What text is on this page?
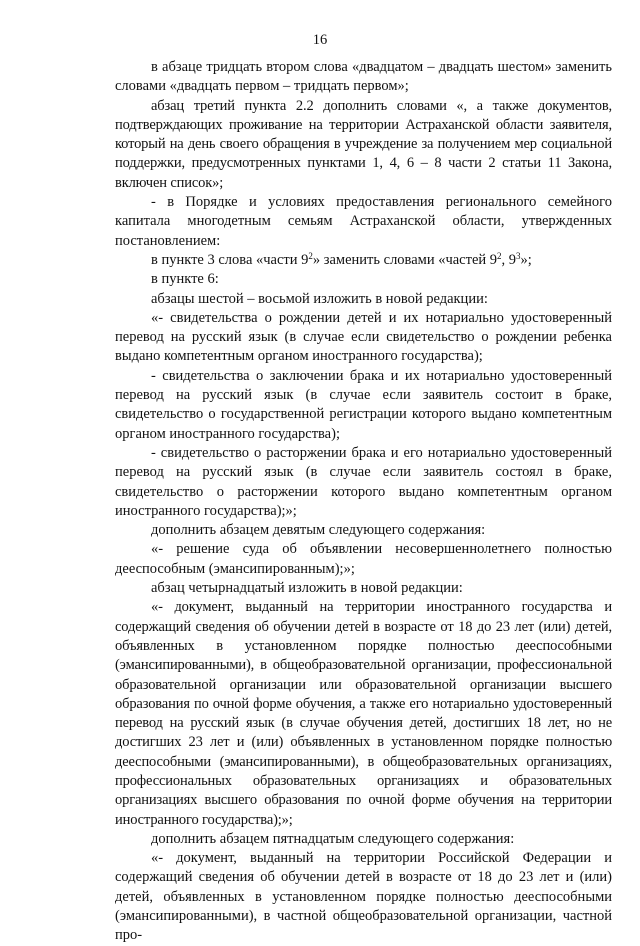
16

в абзаце тридцать втором слова «двадцатом – двадцать шестом» заменить словами «двадцать первом – тридцать первом»;

абзац третий пункта 2.2 дополнить словами «, а также документов, подтверждающих проживание на территории Астраханской области заявителя, который на день своего обращения в учреждение за получением мер социальной поддержки, предусмотренных пунктами 1, 4, 6 – 8 части 2 статьи 11 Закона, включен список»;

- в Порядке и условиях предоставления регионального семейного капитала многодетным семьям Астраханской области, утвержденных постановлением:

в пункте 3 слова «части $9^2$» заменить словами «частей $9^2$, $9^3$»;

в пункте 6:

абзацы шестой – восьмой изложить в новой редакции:

«- свидетельства о рождении детей и их нотариально удостоверенный перевод на русский язык (в случае если свидетельство о рождении ребенка выдано компетентным органом иностранного государства);

- свидетельства о заключении брака и их нотариально удостоверенный перевод на русский язык (в случае если заявитель состоит в браке, свидетельство о государственной регистрации которого выдано компетентным органом иностранного государства);

- свидетельство о расторжении брака и его нотариально удостоверенный перевод на русский язык (в случае если заявитель состоял в браке, свидетельство о расторжении которого выдано компетентным органом иностранного государства);»;

дополнить абзацем девятым следующего содержания:

«- решение суда об объявлении несовершеннолетнего полностью дееспособным (эмансипированным);»;

абзац четырнадцатый изложить в новой редакции:

«- документ, выданный на территории иностранного государства и содержащий сведения об обучении детей в возрасте от 18 до 23 лет (или) детей, объявленных в установленном порядке полностью дееспособными (эмансипированными), в общеобразовательной организации, профессиональной образовательной организации или образовательной организации высшего образования по очной форме обучения, а также его нотариально удостоверенный перевод на русский язык (в случае обучения детей, достигших 18 лет, но не достигших 23 лет и (или) объявленных в установленном порядке полностью дееспособными (эмансипированными), в общеобразовательных организациях, профессиональных образовательных организациях и образовательных организациях высшего образования по очной форме обучения на территории иностранного государства);»;

дополнить абзацем пятнадцатым следующего содержания:

«- документ, выданный на территории Российской Федерации и содержащий сведения об обучении детей в возрасте от 18 до 23 лет и (или) детей, объявленных в установленном порядке полностью дееспособными (эмансипированными), в частной общеобразовательной организации, частной про-
